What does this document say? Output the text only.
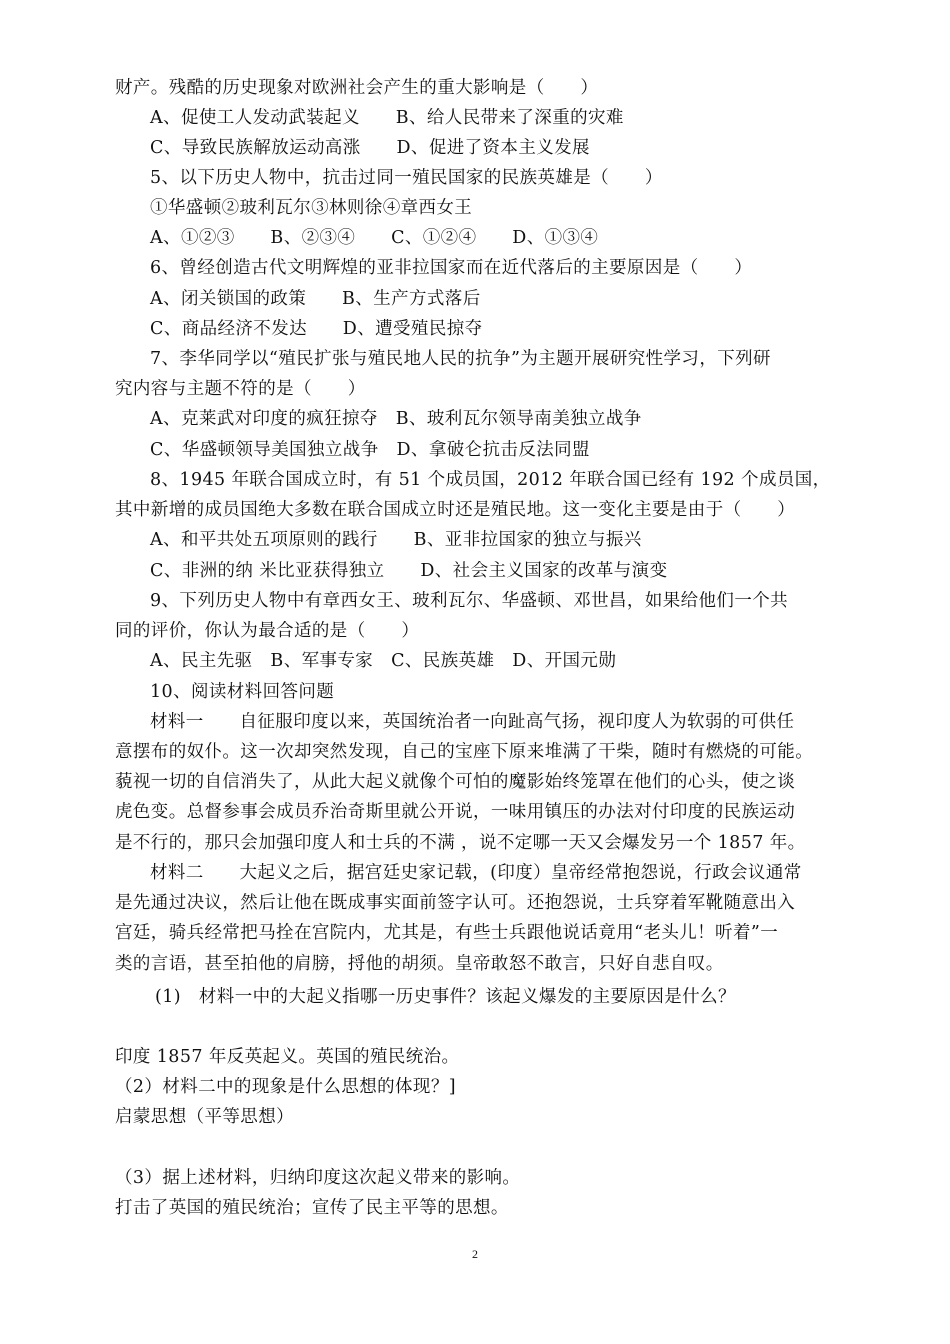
财产。残酷的历史现象对欧洲社会产生的重大影响是（　　）
A、促使工人发动武装起义　　B、给人民带来了深重的灾难
C、导致民族解放运动高涨　　D、促进了资本主义发展
5、以下历史人物中，抗击过同一殖民国家的民族英雄是（　　）
①华盛顿②玻利瓦尔③林则徐④章西女王
A、①②③　　B、②③④　　C、①②④　　D、①③④
6、曾经创造古代文明辉煌的亚非拉国家而在近代落后的主要原因是（　　）
A、闭关锁国的政策　　B、生产方式落后
C、商品经济不发达　　D、遭受殖民掠夺
7、李华同学以“殖民扩张与殖民地人民的抗争”为主题开展研究性学习，下列研
究内容与主题不符的是（　　）
A、克莱武对印度的疯狂掠夺　B、玻利瓦尔领导南美独立战争
C、华盛顿领导美国独立战争　D、拿破仑抗击反法同盟
8、1945 年联合国成立时，有 51 个成员国，2012 年联合国已经有 192 个成员国，
其中新增的成员国绝大多数在联合国成立时还是殖民地。这一变化主要是由于（　　）
A、和平共处五项原则的践行　　B、亚非拉国家的独立与振兴
C、非洲的纳 米比亚获得独立　　D、社会主义国家的改革与演变
9、下列历史人物中有章西女王、玻利瓦尔、华盛顿、邓世昌，如果给他们一个共
同的评价，你认为最合适的是（　　）
A、民主先驱　B、军事专家　C、民族英雄　D、开国元勋
10、阅读材料回答问题
材料一　　自征服印度以来，英国统治者一向趾高气扬，视印度人为软弱的可供任
意摆布的奴仆。这一次却突然发现，自己的宝座下原来堆满了干柴，随时有燃烧的可能。
藐视一切的自信消失了，从此大起义就像个可怕的魔影始终笼罩在他们的心头，使之谈
虎色变。总督参事会成员乔治奇斯里就公开说，一味用镇压的办法对付印度的民族运动
是不行的，那只会加强印度人和士兵的不满 ，说不定哪一天又会爆发另一个 1857 年。
材料二　　大起义之后，据宫廷史家记载，(印度）皇帝经常抱怨说，行政会议通常
是先通过决议，然后让他在既成事实面前签字认可。还抱怨说，士兵穿着军靴随意出入
宫廷，骑兵经常把马拴在宫院内，尤其是，有些士兵跟他说话竟用“老头儿！听着”一
类的言语，甚至拍他的肩膀，捋他的胡须。皇帝敢怒不敢言，只好自悲自叹。
(1)　材料一中的大起义指哪一历史事件？该起义爆发的主要原因是什么？
印度 1857 年反英起义。英国的殖民统治。
（2）材料二中的现象是什么思想的体现？]
启蒙思想（平等思想）
（3）据上述材料，归纳印度这次起义带来的影响。
打击了英国的殖民统治；宣传了民主平等的思想。
2
